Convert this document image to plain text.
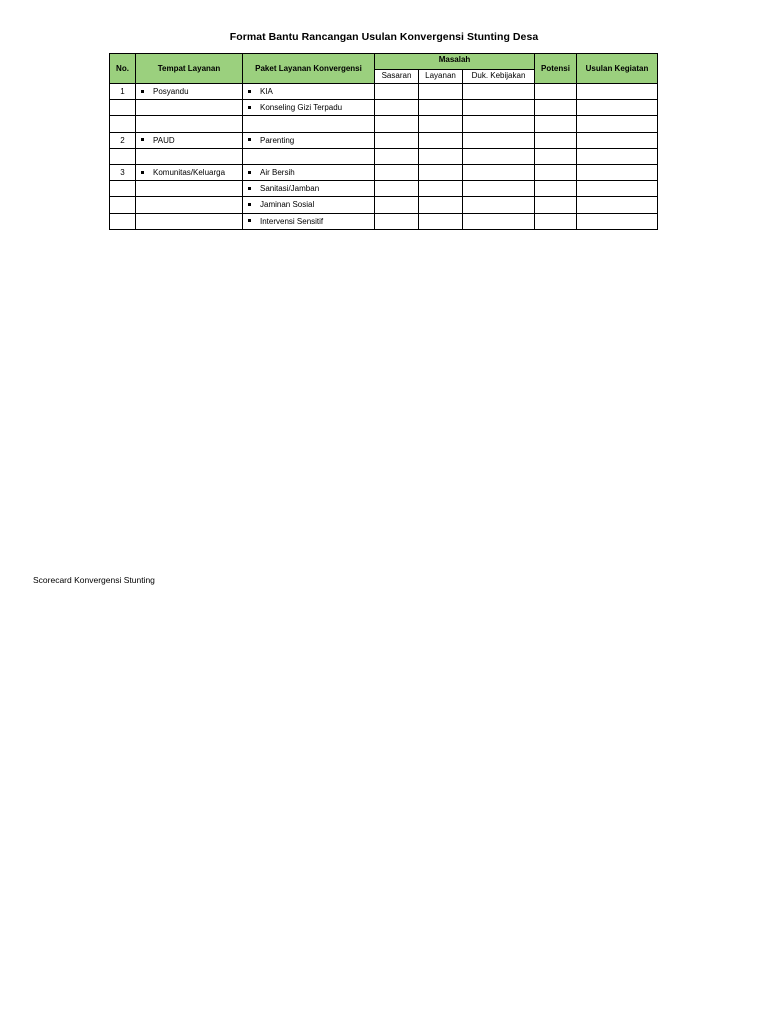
Format Bantu Rancangan Usulan Konvergensi Stunting Desa
No.	Tempat Layanan	Paket Layanan Konvergensi	Masalah			Potensi	Usulan Kegiatan
			Sasaran	Layanan	Duk. Kebijakan		
1	Posyandu	KIA					
		Konseling Gizi Terpadu					

2	PAUD	Parenting					

3	Komunitas/Keluarga	Air Bersih					
		Sanitasi/Jamban					
		Jaminan Sosial					
		Intervensi Sensitif					
Scorecard Konvergensi Stunting
